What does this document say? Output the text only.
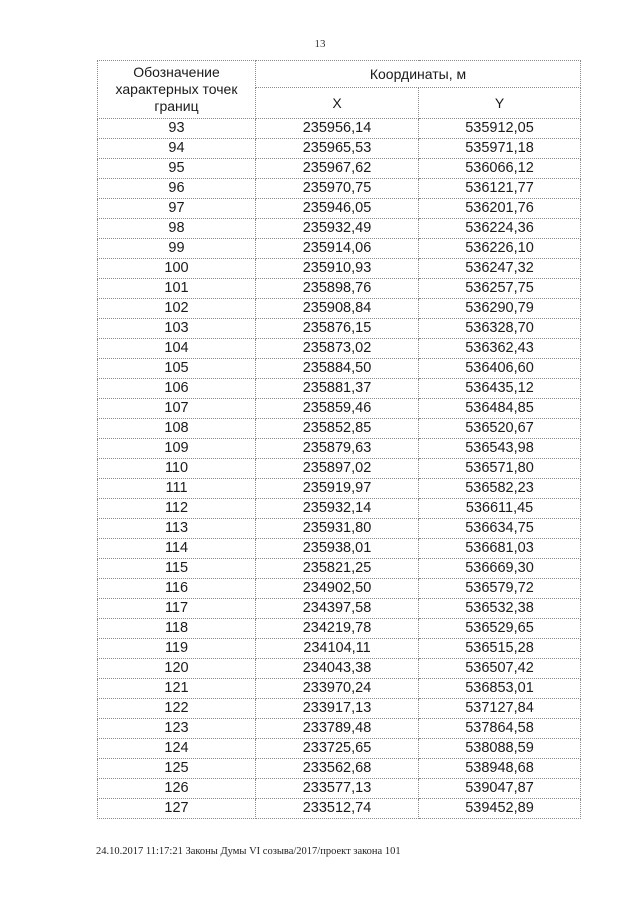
13
Обозначение характерных точек границ	Координаты, м	
	X	Y
93	235956,14	535912,05
94	235965,53	535971,18
95	235967,62	536066,12
96	235970,75	536121,77
97	235946,05	536201,76
98	235932,49	536224,36
99	235914,06	536226,10
100	235910,93	536247,32
101	235898,76	536257,75
102	235908,84	536290,79
103	235876,15	536328,70
104	235873,02	536362,43
105	235884,50	536406,60
106	235881,37	536435,12
107	235859,46	536484,85
108	235852,85	536520,67
109	235879,63	536543,98
110	235897,02	536571,80
111	235919,97	536582,23
112	235932,14	536611,45
113	235931,80	536634,75
114	235938,01	536681,03
115	235821,25	536669,30
116	234902,50	536579,72
117	234397,58	536532,38
118	234219,78	536529,65
119	234104,11	536515,28
120	234043,38	536507,42
121	233970,24	536853,01
122	233917,13	537127,84
123	233789,48	537864,58
124	233725,65	538088,59
125	233562,68	538948,68
126	233577,13	539047,87
127	233512,74	539452,89
24.10.2017 11:17:21 Законы Думы VI созыва/2017/проект закона 101
